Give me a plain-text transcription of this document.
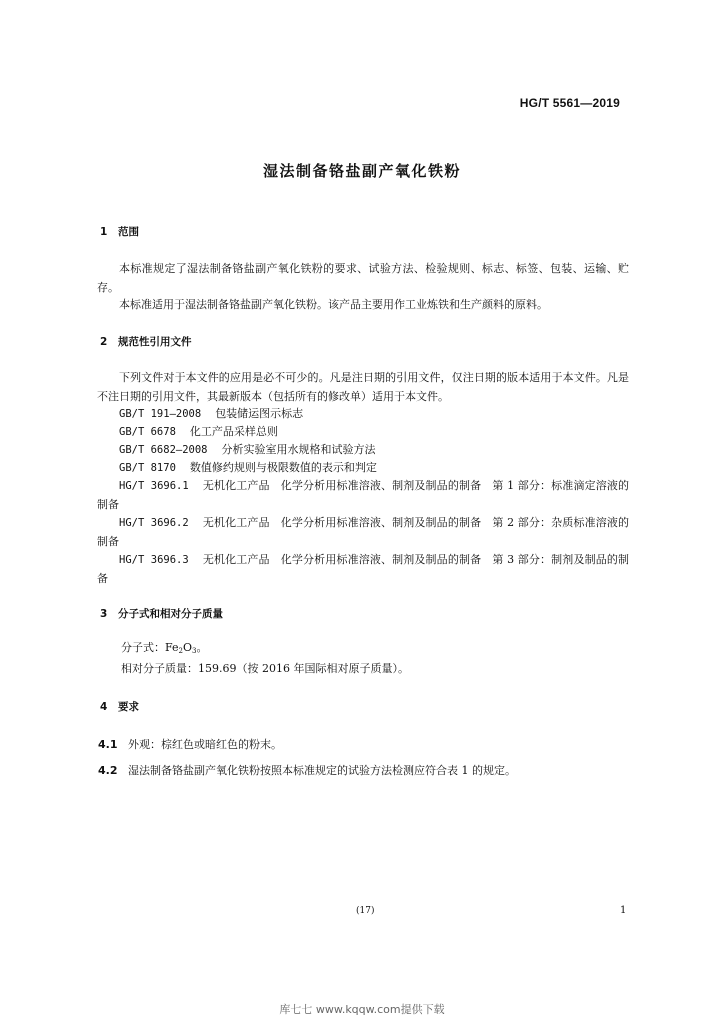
HG/T 5561—2019
湿法制备铬盐副产氧化铁粉
1 范围
本标准规定了湿法制备铬盐副产氧化铁粉的要求、试验方法、检验规则、标志、标签、包装、运输、贮存。
本标准适用于湿法制备铬盐副产氧化铁粉。该产品主要用作工业炼铁和生产颜料的原料。
2 规范性引用文件
下列文件对于本文件的应用是必不可少的。凡是注日期的引用文件，仅注日期的版本适用于本文件。凡是不注日期的引用文件，其最新版本（包括所有的修改单）适用于本文件。
GB/T 191—2008 包装储运图示标志
GB/T 6678 化工产品采样总则
GB/T 6682—2008 分析实验室用水规格和试验方法
GB/T 8170 数值修约规则与极限数值的表示和判定
HG/T 3696.1 无机化工产品　化学分析用标准溶液、制剂及制品的制备　第 1 部分：标准滴定溶液的制备
HG/T 3696.2 无机化工产品　化学分析用标准溶液、制剂及制品的制备　第 2 部分：杂质标准溶液的制备
HG/T 3696.3 无机化工产品　化学分析用标准溶液、制剂及制品的制备　第 3 部分：制剂及制品的制备
3 分子式和相对分子质量
分子式：$Fe_2O_3$。
相对分子质量：159.69（按 2016 年国际相对原子质量）。
4 要求
4.1 外观：棕红色或暗红色的粉末。
4.2 湿法制备铬盐副产氧化铁粉按照本标准规定的试验方法检测应符合表 1 的规定。
(17)	1
库七七 www.kqqw.com提供下载
